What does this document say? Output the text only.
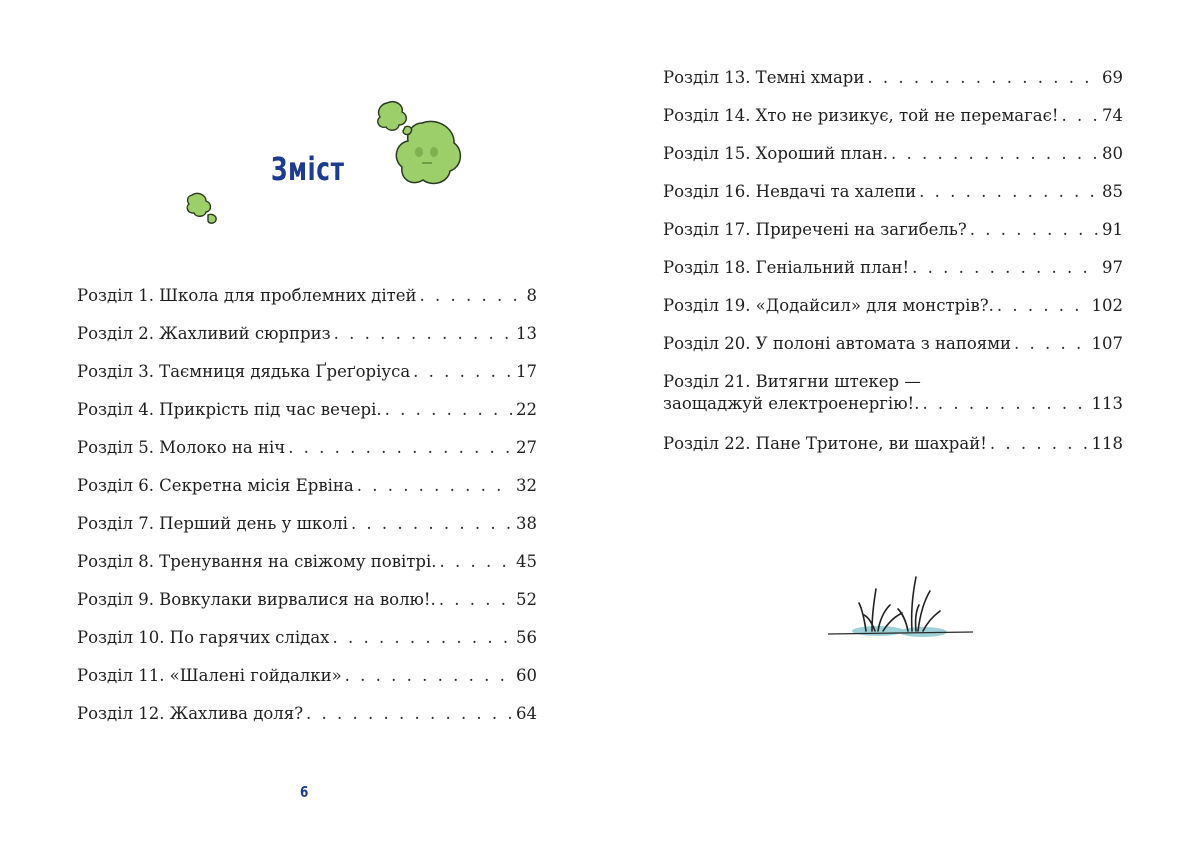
Зміст
Розділ 1. Школа для проблемних дітей . . .	8
Розділ 2. Жахливий сюрприз . . .	13
Розділ 3. Таємниця дядька Ґреґоріуса . . .	17
Розділ 4. Прикрість під час вечері. . . .	22
Розділ 5. Молоко на ніч . . .	27
Розділ 6. Секретна місія Ервіна . . .	32
Розділ 7. Перший день у школі . . .	38
Розділ 8. Тренування на свіжому повітрі. . . .	45
Розділ 9. Вовкулаки вирвалися на волю!. . . .	52
Розділ 10. По гарячих слідах . . .	56
Розділ 11. «Шалені гойдалки» . . .	60
Розділ 12. Жахлива доля? . . .	64
6
Розділ 13. Темні хмари . . .	69
Розділ 14. Хто не ризикує, той не перемагає! . . .	74
Розділ 15. Хороший план. . . .	80
Розділ 16. Невдачі та халепи . . .	85
Розділ 17. Приречені на загибель? . . .	91
Розділ 18. Геніальний план! . . .	97
Розділ 19. «Додайсил» для монстрів?. . . .	102
Розділ 20. У полоні автомата з напоями . . .	107
Розділ 21. Витягни штекер —
заощаджуй електроенергію!. . . .	113
Розділ 22. Пане Тритоне, ви шахрай! . . .	118
